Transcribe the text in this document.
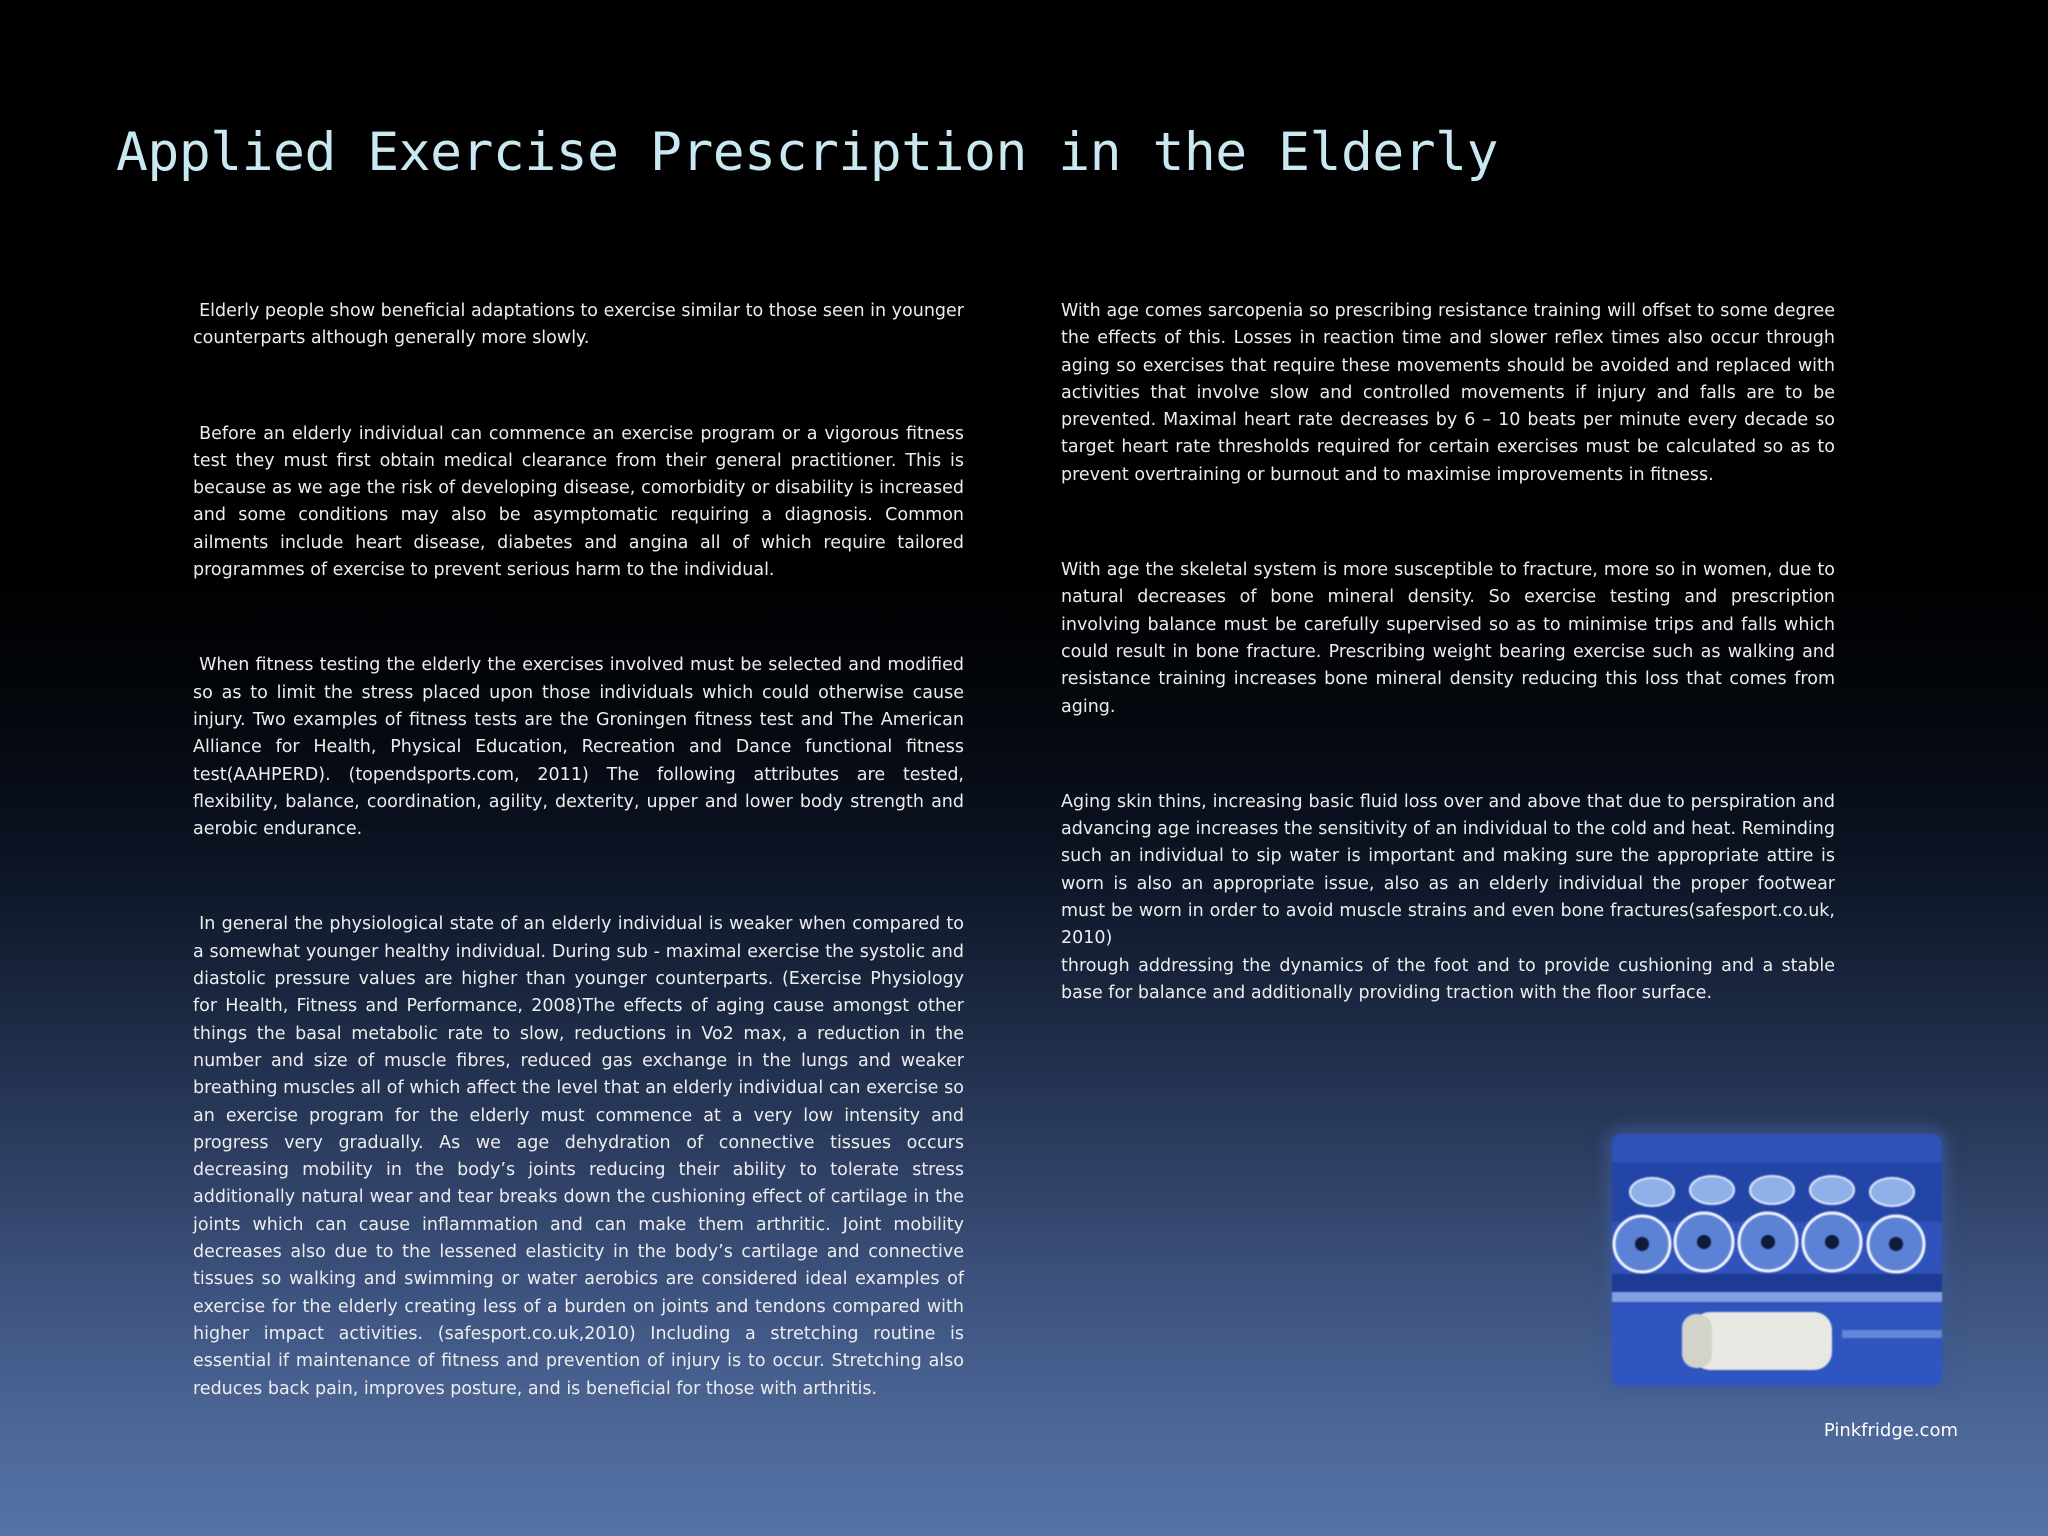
Applied Exercise Prescription in the Elderly

Elderly people show beneficial adaptations to exercise similar to those seen in younger counterparts although generally more slowly.

Before an elderly individual can commence an exercise program or a vigorous fitness test they must first obtain medical clearance from their general practitioner. This is because as we age the risk of developing disease, comorbidity or disability is increased and some conditions may also be asymptomatic requiring a diagnosis. Common ailments include heart disease, diabetes and angina all of which require tailored programmes of exercise to prevent serious harm to the individual.

When fitness testing the elderly the exercises involved must be selected and modified so as to limit the stress placed upon those individuals which could otherwise cause injury. Two examples of fitness tests are the Groningen fitness test and The American Alliance for Health, Physical Education, Recreation and Dance functional fitness test(AAHPERD). (topendsports.com, 2011) The following attributes are tested, flexibility, balance, coordination, agility, dexterity, upper and lower body strength and aerobic endurance.

In general the physiological state of an elderly individual is weaker when compared to a somewhat younger healthy individual. During sub - maximal exercise the systolic and diastolic pressure values are higher than younger counterparts. (Exercise Physiology for Health, Fitness and Performance, 2008)The effects of aging cause amongst other things the basal metabolic rate to slow, reductions in Vo2 max, a reduction in the number and size of muscle fibres, reduced gas exchange in the lungs and weaker breathing muscles all of which affect the level that an elderly individual can exercise so an exercise program for the elderly must commence at a very low intensity and progress very gradually. As we age dehydration of connective tissues occurs decreasing mobility in the body’s joints reducing their ability to tolerate stress additionally natural wear and tear breaks down the cushioning effect of cartilage in the joints which can cause inflammation and can make them arthritic. Joint mobility decreases also due to the lessened elasticity in the body’s cartilage and connective tissues so walking and swimming or water aerobics are considered ideal examples of exercise for the elderly creating less of a burden on joints and tendons compared with higher impact activities. (safesport.co.uk,2010) Including a stretching routine is essential if maintenance of fitness and prevention of injury is to occur. Stretching also reduces back pain, improves posture, and is beneficial for those with arthritis.

With age comes sarcopenia so prescribing resistance training will offset to some degree the effects of this. Losses in reaction time and slower reflex times also occur through aging so exercises that require these movements should be avoided and replaced with activities that involve slow and controlled movements if injury and falls are to be prevented. Maximal heart rate decreases by 6 – 10 beats per minute every decade so target heart rate thresholds required for certain exercises must be calculated so as to prevent overtraining or burnout and to maximise improvements in fitness.

With age the skeletal system is more susceptible to fracture, more so in women, due to natural decreases of bone mineral density. So exercise testing and prescription involving balance must be carefully supervised so as to minimise trips and falls which could result in bone fracture. Prescribing weight bearing exercise such as walking and resistance training increases bone mineral density reducing this loss that comes from aging.

Aging skin thins, increasing basic fluid loss over and above that due to perspiration and advancing age increases the sensitivity of an individual to the cold and heat. Reminding such an individual to sip water is important and making sure the appropriate attire is worn is also an appropriate issue, also as an elderly individual the proper footwear must be worn in order to avoid muscle strains and even bone fractures(safesport.co.uk, 2010)

through addressing the dynamics of the foot and to provide cushioning and a stable base for balance and additionally providing traction with the floor surface.

Pinkfridge.com
